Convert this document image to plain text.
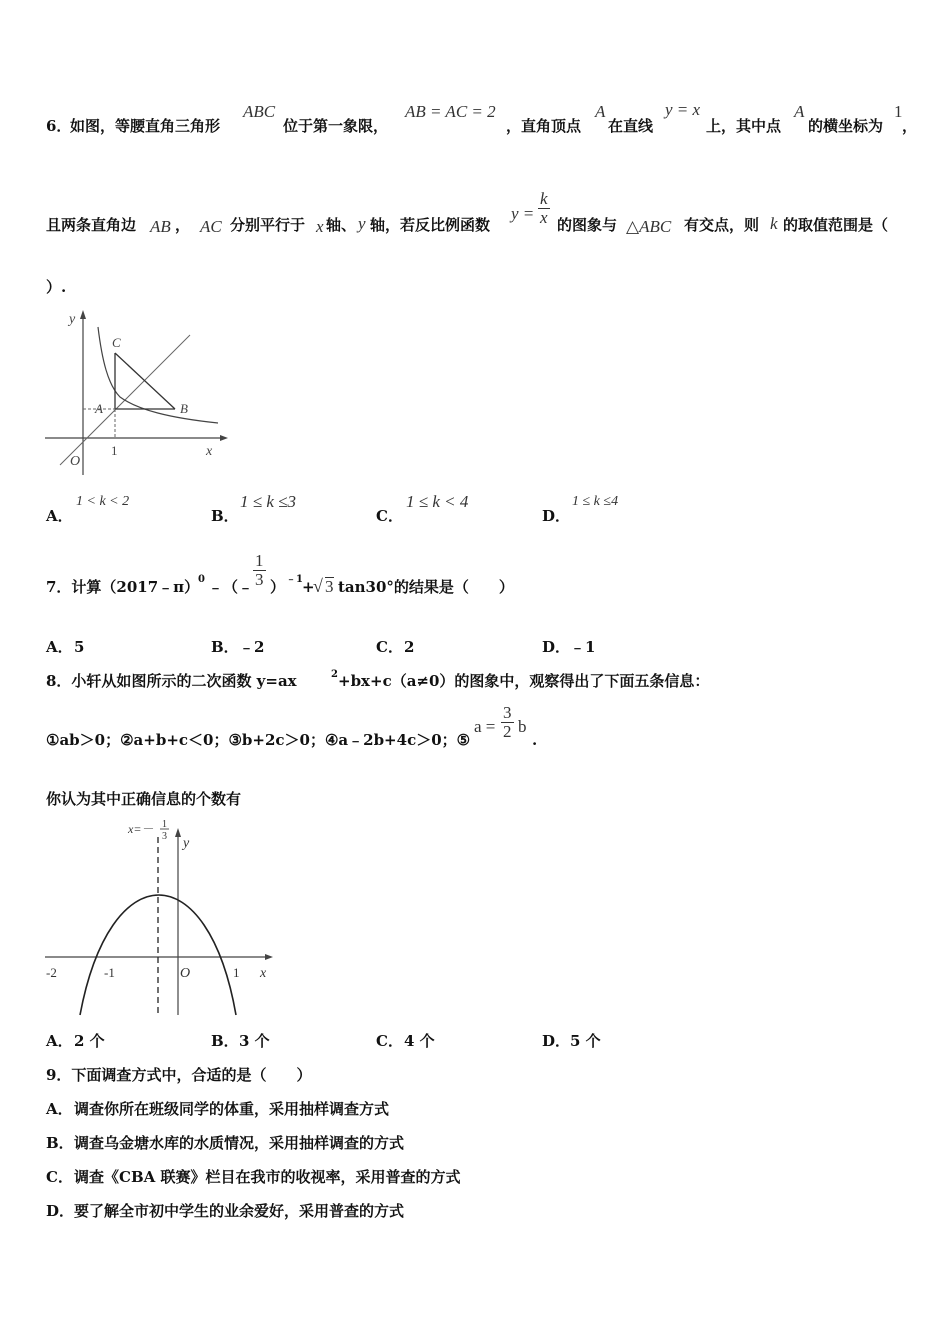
6．
如图，等腰直角三角形
ABC
位于第一象限，
AB = AC = 2
，直角顶点
A
在直线
y = x
上，其中点
A
的横坐标为
1
，
且两条直角边 AB ， AC 分别平行于 x 轴、 y 轴，若反比例函数
$y = \frac{k}{x}$ 的图象与 △ABC 有交点，则 k 的取值范围是（
）.
y
x
O
A	B
C
1
A．
1 < k < 2
B．
1 ≤ k ≤3
C．
1 ≤ k < 4
D．
1 ≤ k ≤4
7．计算（2017﹣π）
0 ﹣（﹣ $\frac{1}{3}$ ） ﹣1 +
√ 3 tan30°的结果是（　　）
A． 5	B． ﹣2	C． 2	D． ﹣1
8．小轩从如图所示的二次函数 y=ax	2 +bx+c（a≠0）的图象中，观察得出了下面五条信息：
①ab＞0；②a+b+c＜0；③b+2c＞0；④a﹣2b+4c＞0；⑤
$a = \frac{3}{2}$ b
.
你认为其中正确信息的个数有
x=－ 1
3 y
x
-2	-1	O	1
A． 2 个	B． 3 个	C． 4 个	D． 5 个
9．下面调查方式中，合适的是（　　）
A． 调查你所在班级同学的体重，采用抽样调查方式
B． 调查乌金塘水库的水质情况，采用抽样调查的方式
C． 调查《CBA 联赛》栏目在我市的收视率，采用普查的方式
D． 要了解全市初中学生的业余爱好，采用普查的方式
